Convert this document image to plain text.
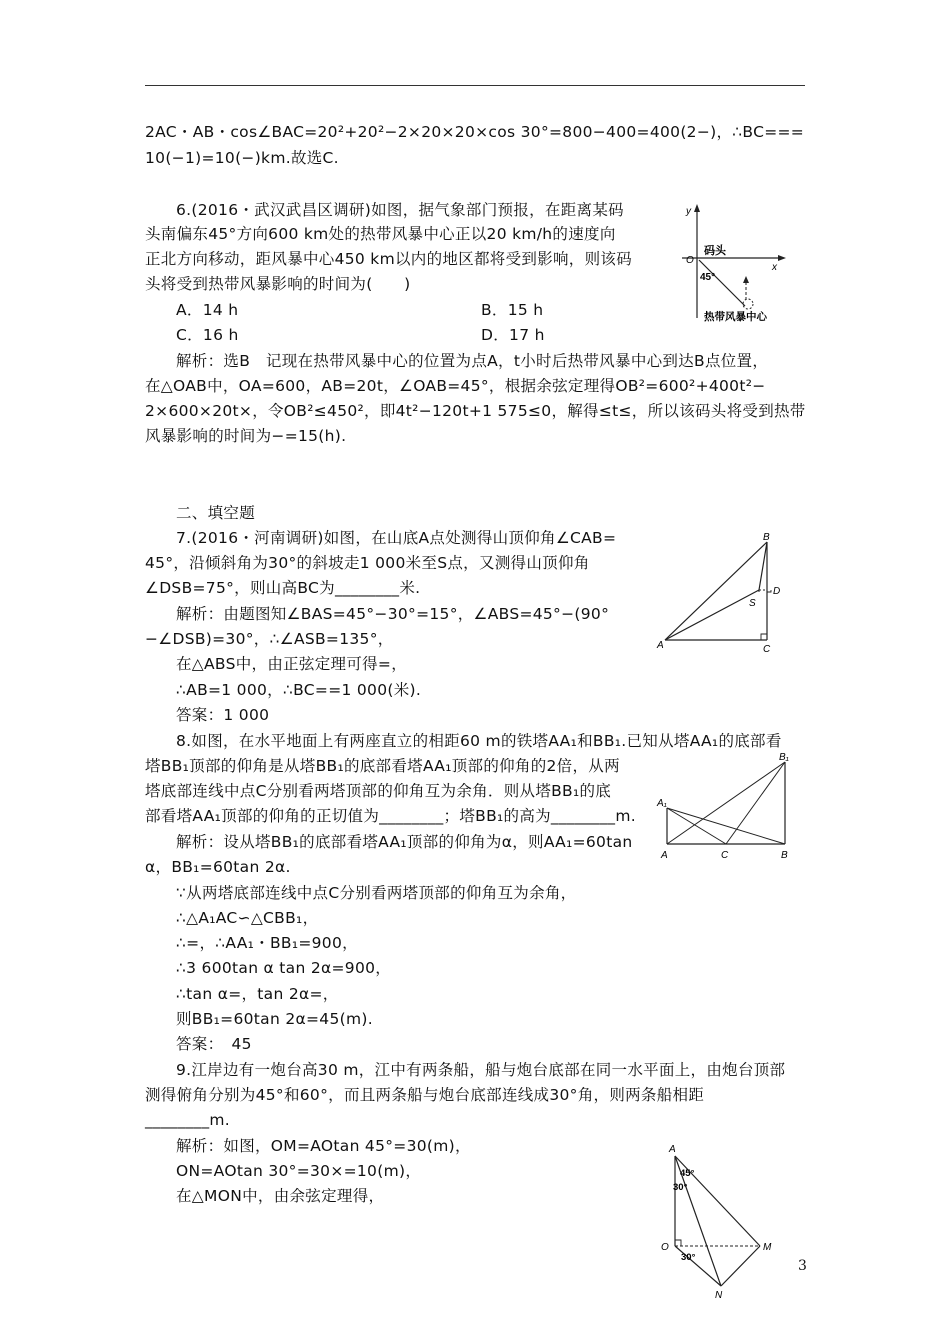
2AC・AB・cos∠BAC=20²+20²−2×20×20×cos 30°=800−400=400(2−)，∴BC===
10(−1)=10(−)km.故选C.
6.(2016・武汉武昌区调研)如图，据气象部门预报，在距离某码
头南偏东45°方向600 km处的热带风暴中心正以20 km/h的速度向
正北方向移动，距风暴中心450 km以内的地区都将受到影响，则该码
头将受到热带风暴影响的时间为(　　)
A．14 h	B．15 h
C．16 h	D．17 h
解析：选B　记现在热带风暴中心的位置为点A，t小时后热带风暴中心到达B点位置，
在△OAB中，OA=600，AB=20t，∠OAB=45°，根据余弦定理得OB²=600²+400t²−
2×600×20t×，令OB²≤450²，即4t²−120t+1 575≤0，解得≤t≤，所以该码头将受到热带
风暴影响的时间为−=15(h).
二、填空题
7.(2016・河南调研)如图，在山底A点处测得山顶仰角∠CAB=
45°，沿倾斜角为30°的斜坡走1 000米至S点，又测得山顶仰角
∠DSB=75°，则山高BC为________米.
解析：由题图知∠BAS=45°−30°=15°，∠ABS=45°−(90°
−∠DSB)=30°，∴∠ASB=135°，
在△ABS中，由正弦定理可得=，
∴AB=1 000，∴BC==1 000(米).
答案：1 000
8.如图，在水平地面上有两座直立的相距60 m的铁塔AA₁和BB₁.已知从塔AA₁的底部看
塔BB₁顶部的仰角是从塔BB₁的底部看塔AA₁顶部的仰角的2倍，从两
塔底部连线中点C分别看两塔顶部的仰角互为余角．则从塔BB₁的底
部看塔AA₁顶部的仰角的正切值为________；塔BB₁的高为________m.
解析：设从塔BB₁的底部看塔AA₁顶部的仰角为α，则AA₁=60tan
α，BB₁=60tan 2α.
∵从两塔底部连线中点C分别看两塔顶部的仰角互为余角，
∴△A₁AC∽△CBB₁，
∴=，∴AA₁・BB₁=900，
∴3 600tan α tan 2α=900，
∴tan α=，tan 2α=，
则BB₁=60tan 2α=45(m).
答案：　45
9.江岸边有一炮台高30 m，江中有两条船，船与炮台底部在同一水平面上，由炮台顶部
测得俯角分别为45°和60°，而且两条船与炮台底部连线成30°角，则两条船相距
________m.
解析：如图，OM=AOtan 45°=30(m)，
ON=AOtan 30°=30×=10(m)，
在△MON中，由余弦定理得，
y
x
O
码头
45°
热带风暴中心
B
D
S
A	C
B₁
A₁
A	C	B
A
45°
30°
O	M
30°
N
3
